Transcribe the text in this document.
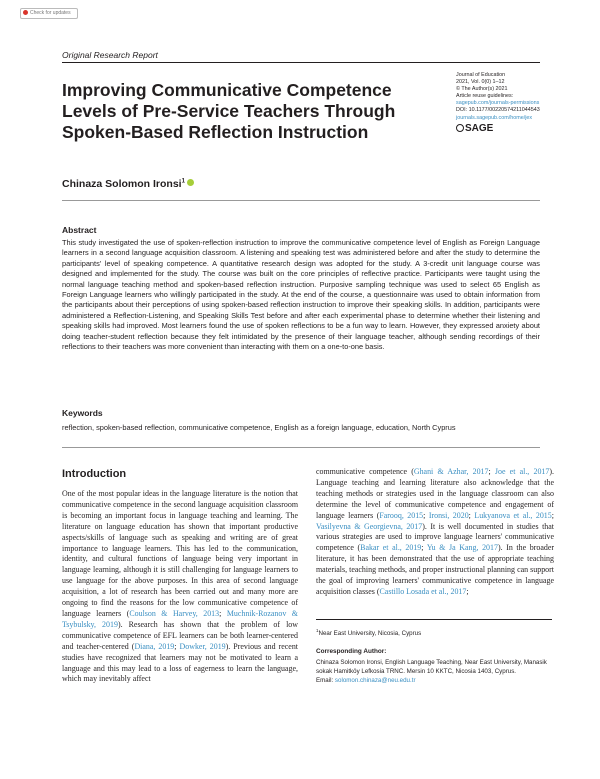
Check for updates
Original Research Report
Improving Communicative Competence Levels of Pre-Service Teachers Through Spoken-Based Reflection Instruction
Journal of Education
2021, Vol. 0(0) 1–12
© The Author(s) 2021
Article reuse guidelines:
sagepub.com/journals-permissions
DOI: 10.1177/00220574211044543
journals.sagepub.com/home/jex
SAGE
Chinaza Solomon Ironsi$^1$
Abstract
This study investigated the use of spoken-reflection instruction to improve the communicative competence level of English as Foreign Language learners in a second language acquisition classroom. A listening and speaking test was administered before and after the study to determine the participants' level of speaking competence. A quantitative research design was adopted for the study. A 3-credit unit language course was designed and implemented for the study. The course was built on the core principles of reflective practice. Participants were taught using the normal language teaching method and spoken-based reflection instruction. Purposive sampling technique was used to select 65 English as Foreign Language learners who willingly participated in the study. At the end of the course, a questionnaire was used to obtain information from the participants about their perceptions of using spoken-based reflection instruction to improve their speaking skills. In addition, participants were administered a Reflection-Listening, and Speaking Skills Test before and after each experimental phase to determine whether their listening and speaking skills had improved. Most learners found the use of spoken reflections to be a fun way to learn. However, they expressed anxiety about doing teacher-student reflection because they felt intimidated by the presence of their language teacher, although sending recordings of their reflections to their teachers was more convenient than interacting with them on a one-to-one basis.
Keywords
reflection, spoken-based reflection, communicative competence, English as a foreign language, education, North Cyprus
Introduction
One of the most popular ideas in the language literature is the notion that communicative competence in the second language acquisition classroom is becoming an important focus in language teaching and learning. The literature on language education has shown that important productive aspects/skills of language such as speaking and writing are of great importance to language learners. This has led to the communication, identity, and cultural functions of language being very important in language learning, although it is still challenging for language learners to use language for the above purposes. In this area of second language acquisition, a lot of research has been carried out and many more are ongoing to find the reasons for the low communicative competence of language learners (Coulson & Harvey, 2013; Muchnik-Rozanov & Tsybulsky, 2019). Research has shown that the problem of low communicative competence of EFL learners can be both learner-centered and teacher-centered (Diana, 2019; Dowker, 2019). Previous and recent studies have recognized that learners may not be motivated to learn a language and this may lead to a loss of eagerness to learn the language, which may inevitably affect
communicative competence (Ghani & Azhar, 2017; Joe et al., 2017). Language teaching and learning literature also acknowledge that the teaching methods or strategies used in the language classroom can also determine the level of communicative competence and engagement of language learners (Farooq, 2015; Ironsi, 2020; Lukyanova et al., 2015; Vasilyevna & Georgievna, 2017). It is well documented in studies that various strategies are used to improve language learners' communicative competence (Bakar et al., 2019; Yu & Ja Kang, 2017). In the broader literature, it has been demonstrated that the use of appropriate teaching materials, teaching methods, and proper instructional planning can support the goal of improving learners' communicative competence in language acquisition classes (Castillo Losada et al., 2017;
$^1$Near East University, Nicosia, Cyprus
Corresponding Author:
Chinaza Solomon Ironsi, English Language Teaching, Near East University, Manasik sokak Hamitköy Lefkosia TRNC. Mersin 10 KKTC, Nicosia 1403, Cyprus.
Email: solomon.chinaza@neu.edu.tr
